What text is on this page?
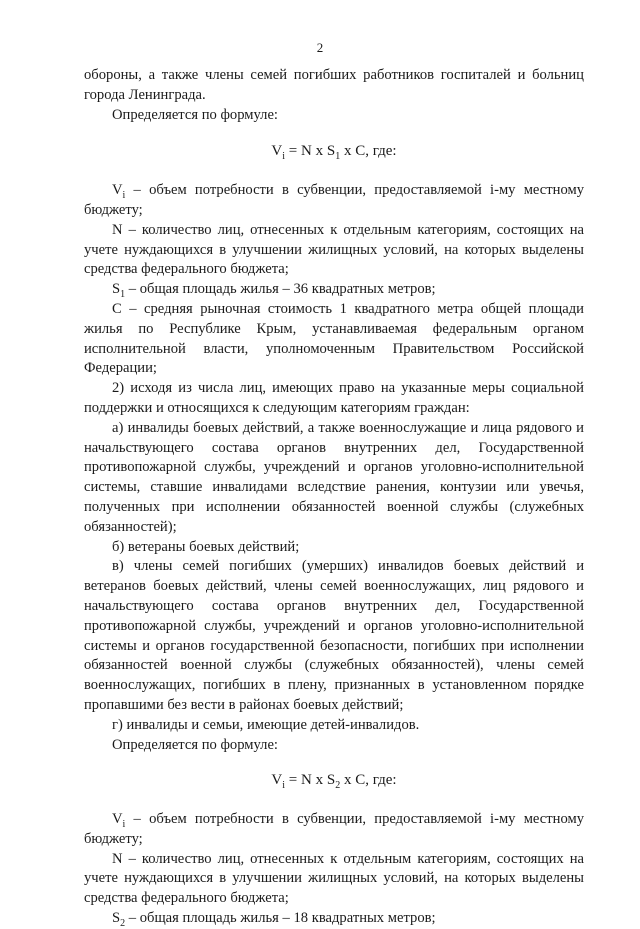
2

обороны, а также члены семей погибших работников госпиталей и больниц города Ленинграда.

Определяется по формуле:

$V_i = N$ x $S_1$ x C, где:

$V_i$ – объем потребности в субвенции, предоставляемой i-му местному бюджету;

N – количество лиц, отнесенных к отдельным категориям, состоящих на учете нуждающихся в улучшении жилищных условий, на которых выделены средства федерального бюджета;

$S_1$ – общая площадь жилья – 36 квадратных метров;

С – средняя рыночная стоимость 1 квадратного метра общей площади жилья по Республике Крым, устанавливаемая федеральным органом исполнительной власти, уполномоченным Правительством Российской Федерации;

2) исходя из числа лиц, имеющих право на указанные меры социальной поддержки и относящихся к следующим категориям граждан:

а) инвалиды боевых действий, а также военнослужащие и лица рядового и начальствующего состава органов внутренних дел, Государственной противопожарной службы, учреждений и органов уголовно-исполнительной системы, ставшие инвалидами вследствие ранения, контузии или увечья, полученных при исполнении обязанностей военной службы (служебных обязанностей);

б) ветераны боевых действий;

в) члены семей погибших (умерших) инвалидов боевых действий и ветеранов боевых действий, члены семей военнослужащих, лиц рядового и начальствующего состава органов внутренних дел, Государственной противопожарной службы, учреждений и органов уголовно-исполнительной системы и органов государственной безопасности, погибших при исполнении обязанностей военной службы (служебных обязанностей), члены семей военнослужащих, погибших в плену, признанных в установленном порядке пропавшими без вести в районах боевых действий;

г) инвалиды и семьи, имеющие детей-инвалидов.

Определяется по формуле:

$V_i = N$ x $S_2$ x C, где:

$V_i$ – объем потребности в субвенции, предоставляемой i-му местному бюджету;

N – количество лиц, отнесенных к отдельным категориям, состоящих на учете нуждающихся в улучшении жилищных условий, на которых выделены средства федерального бюджета;

$S_2$ – общая площадь жилья – 18 квадратных метров;
